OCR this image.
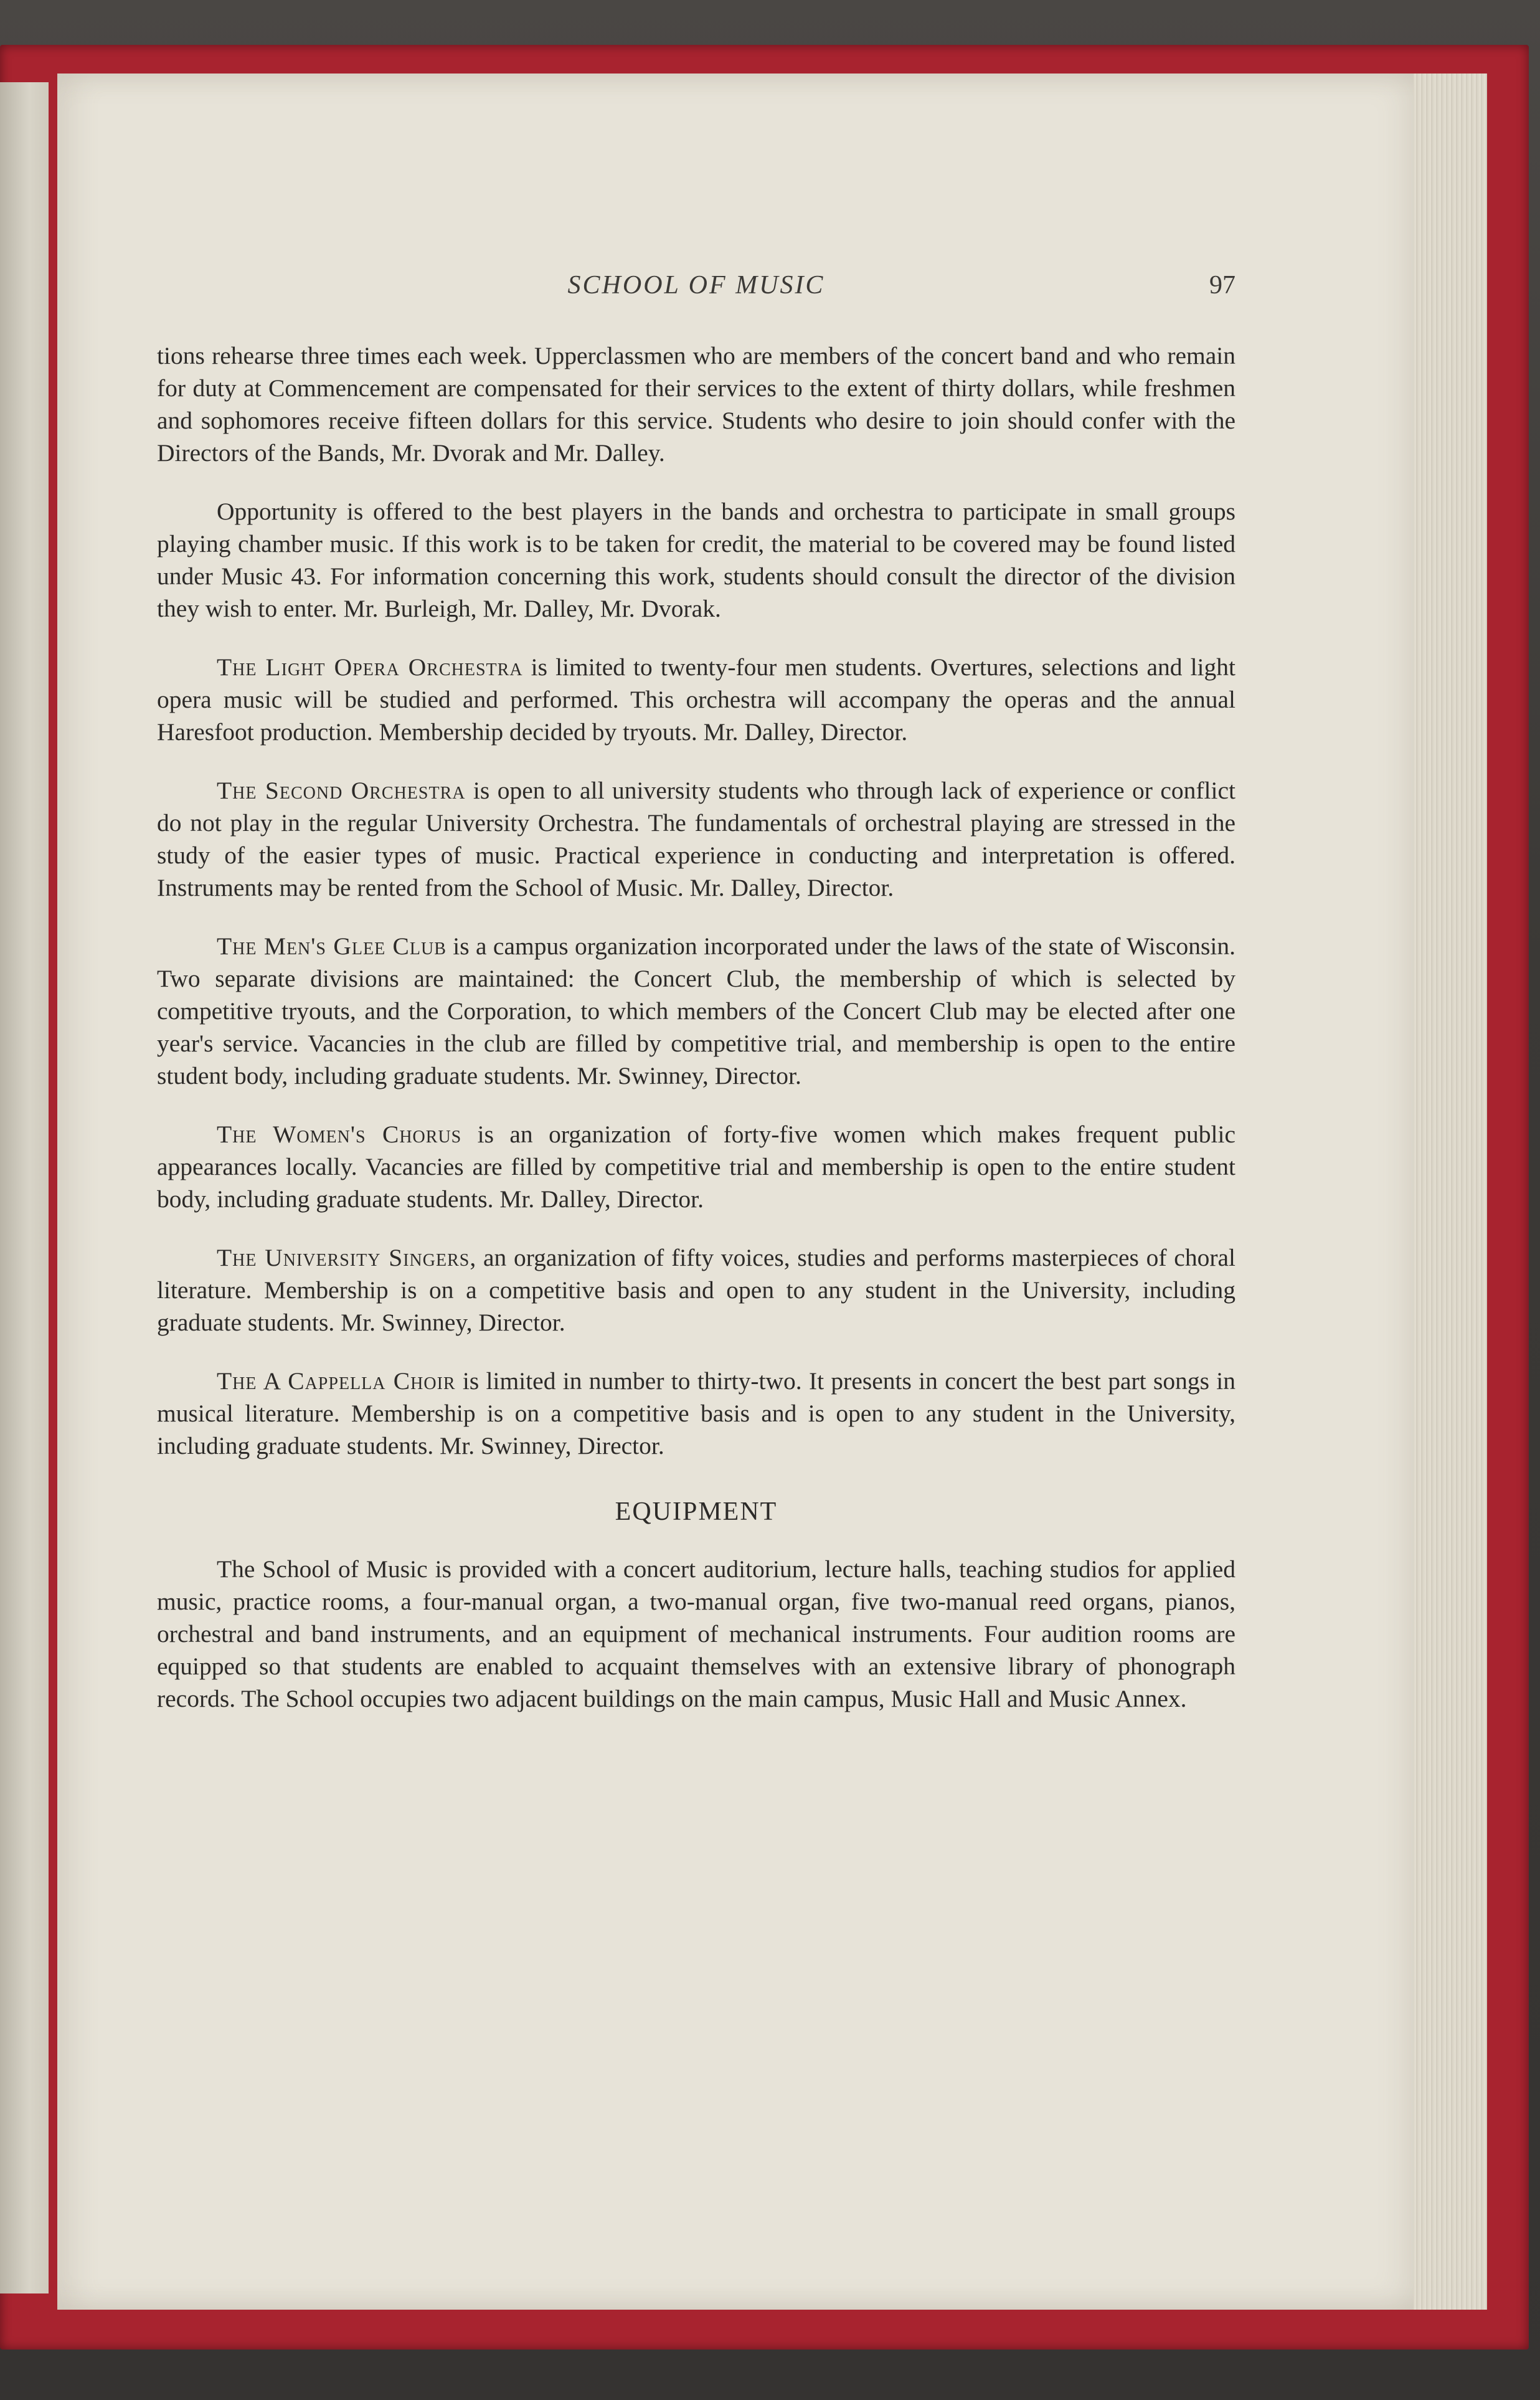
SCHOOL OF MUSIC	97

tions rehearse three times each week. Upperclassmen who are members of the concert band and who remain for duty at Commencement are compensated for their services to the extent of thirty dollars, while freshmen and sophomores receive fifteen dollars for this service. Students who desire to join should confer with the Directors of the Bands, Mr. Dvorak and Mr. Dalley.

Opportunity is offered to the best players in the bands and orchestra to participate in small groups playing chamber music. If this work is to be taken for credit, the material to be covered may be found listed under Music 43. For information concerning this work, students should consult the director of the division they wish to enter. Mr. Burleigh, Mr. Dalley, Mr. Dvorak.

The Light Opera Orchestra is limited to twenty-four men students. Overtures, selections and light opera music will be studied and performed. This orchestra will accompany the operas and the annual Haresfoot production. Membership decided by tryouts. Mr. Dalley, Director.

The Second Orchestra is open to all university students who through lack of experience or conflict do not play in the regular University Orchestra. The fundamentals of orchestral playing are stressed in the study of the easier types of music. Practical experience in conducting and interpretation is offered. Instruments may be rented from the School of Music. Mr. Dalley, Director.

The Men's Glee Club is a campus organization incorporated under the laws of the state of Wisconsin. Two separate divisions are maintained: the Concert Club, the membership of which is selected by competitive tryouts, and the Corporation, to which members of the Concert Club may be elected after one year's service. Vacancies in the club are filled by competitive trial, and membership is open to the entire student body, including graduate students. Mr. Swinney, Director.

The Women's Chorus is an organization of forty-five women which makes frequent public appearances locally. Vacancies are filled by competitive trial and membership is open to the entire student body, including graduate students. Mr. Dalley, Director.

The University Singers, an organization of fifty voices, studies and performs masterpieces of choral literature. Membership is on a competitive basis and open to any student in the University, including graduate students. Mr. Swinney, Director.

The A Cappella Choir is limited in number to thirty-two. It presents in concert the best part songs in musical literature. Membership is on a competitive basis and is open to any student in the University, including graduate students. Mr. Swinney, Director.

EQUIPMENT

The School of Music is provided with a concert auditorium, lecture halls, teaching studios for applied music, practice rooms, a four-manual organ, a two-manual organ, five two-manual reed organs, pianos, orchestral and band instruments, and an equipment of mechanical instruments. Four audition rooms are equipped so that students are enabled to acquaint themselves with an extensive library of phonograph records. The School occupies two adjacent buildings on the main campus, Music Hall and Music Annex.
